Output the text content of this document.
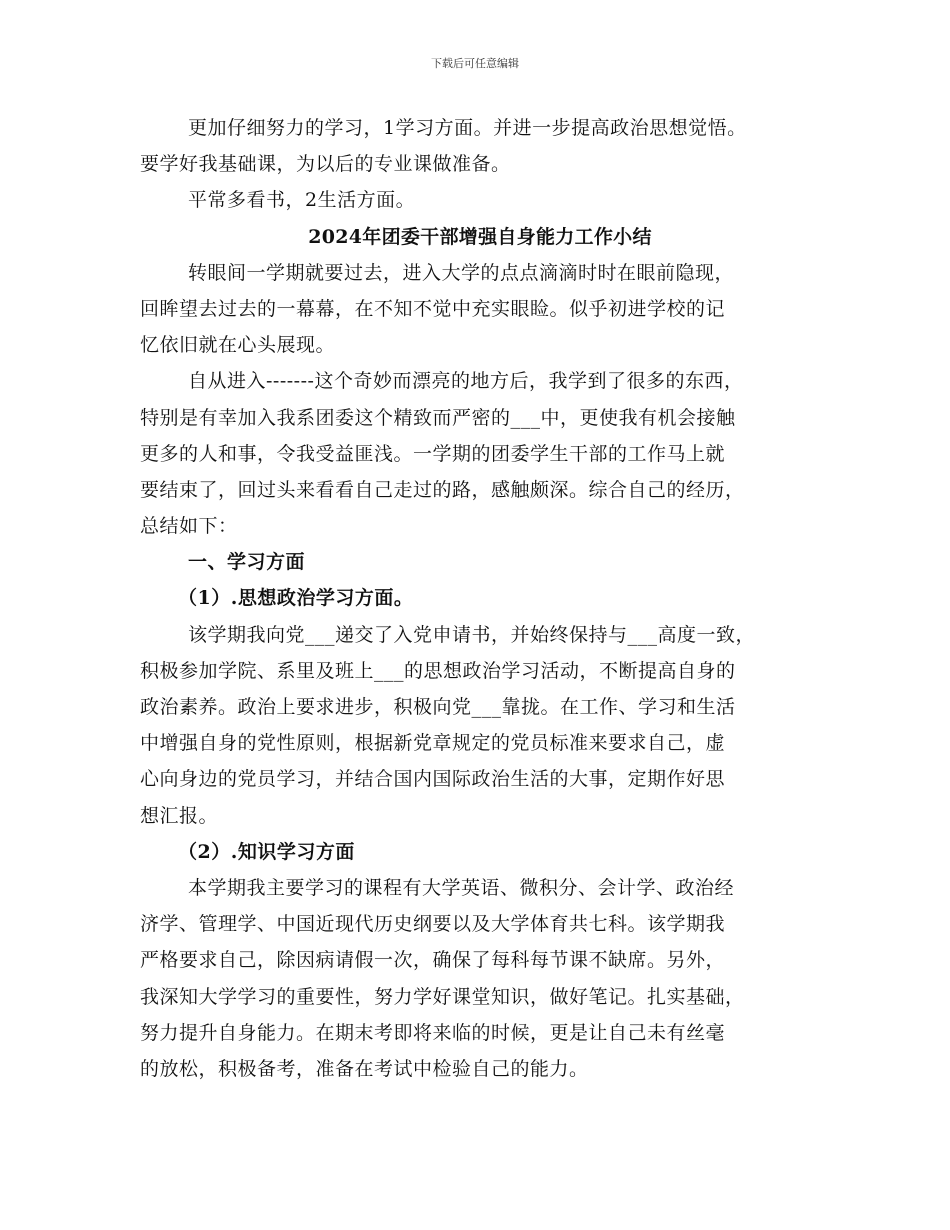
下载后可任意编辑
更加仔细努力的学习，1学习方面。并进一步提高政治思想觉悟。
要学好我基础课，为以后的专业课做准备。
平常多看书，2生活方面。
2024年团委干部增强自身能力工作小结
转眼间一学期就要过去，进入大学的点点滴滴时时在眼前隐现，
回眸望去过去的一幕幕，在不知不觉中充实眼睑。似乎初进学校的记
忆依旧就在心头展现。
自从进入-------这个奇妙而漂亮的地方后，我学到了很多的东西，
特别是有幸加入我系团委这个精致而严密的___中，更使我有机会接触
更多的人和事，令我受益匪浅。一学期的团委学生干部的工作马上就
要结束了，回过头来看看自己走过的路，感触颇深。综合自己的经历，
总结如下：
一、学习方面
（1）.思想政治学习方面。
该学期我向党___递交了入党申请书，并始终保持与___高度一致，
积极参加学院、系里及班上___的思想政治学习活动，不断提高自身的
政治素养。政治上要求进步，积极向党___靠拢。在工作、学习和生活
中增强自身的党性原则，根据新党章规定的党员标准来要求自己，虚
心向身边的党员学习，并结合国内国际政治生活的大事，定期作好思
想汇报。
（2）.知识学习方面
本学期我主要学习的课程有大学英语、微积分、会计学、政治经
济学、管理学、中国近现代历史纲要以及大学体育共七科。该学期我
严格要求自己，除因病请假一次，确保了每科每节课不缺席。另外，
我深知大学学习的重要性，努力学好课堂知识，做好笔记。扎实基础，
努力提升自身能力。在期末考即将来临的时候，更是让自己未有丝毫
的放松，积极备考，准备在考试中检验自己的能力。
